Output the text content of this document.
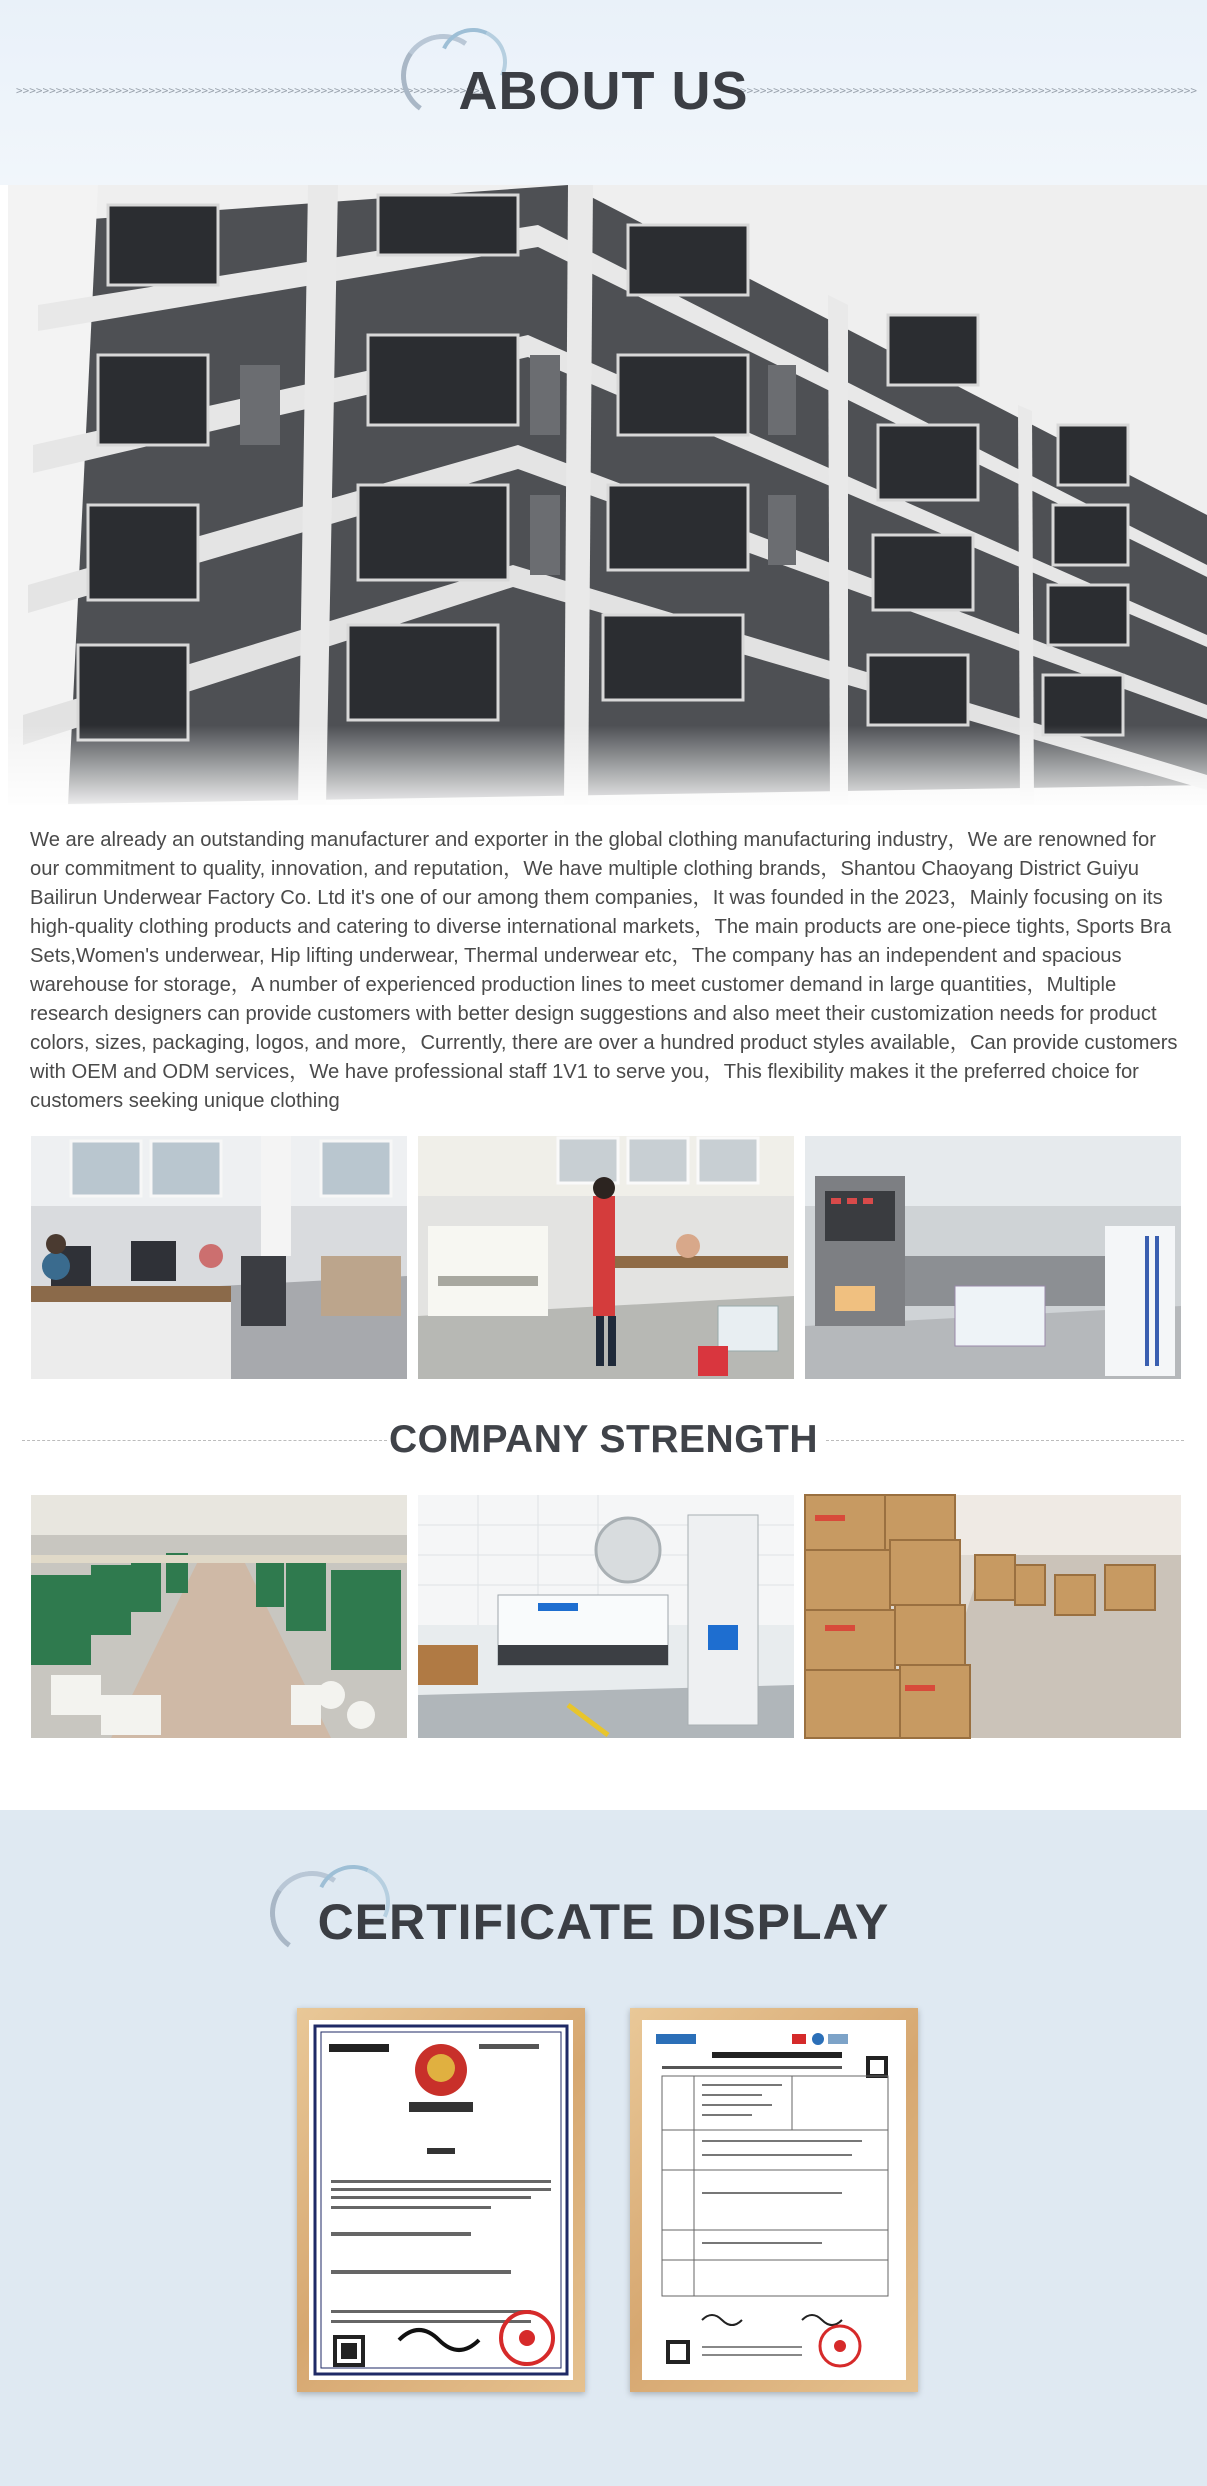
>>>>>>>>>>>>>>>>>>>>>>>>>>>>>>>>>>>>>>>>>>>>>>>>>>>>>>>>>>>>>>>>>>>>>>>	<<<<<<<<<<<<<<<<<<<<<<<<<<<<<<<<<<<<<<<<<<<<<<<<<<<<<<<<<<<<<<<<<<<<<<
ABOUT US
We are already an outstanding manufacturer and exporter in the global clothing manufacturing industry，We are renowned for our commitment to quality, innovation, and reputation，We have multiple clothing brands，Shantou Chaoyang District Guiyu Bailirun Underwear Factory Co. Ltd it's one of our among them companies，It was founded in the 2023，Mainly focusing on its high-quality clothing products and catering to diverse international markets，The main products are one-piece tights, Sports Bra Sets,Women's underwear, Hip lifting underwear, Thermal underwear etc，The company has an independent and spacious warehouse for storage，A number of experienced production lines to meet customer demand in large quantities，Multiple research designers can provide customers with better design suggestions and also meet their customization needs for product colors, sizes, packaging, logos, and more，Currently, there are over a hundred product styles available，Can provide customers with OEM and ODM services，We have professional staff 1V1 to serve you，This flexibility makes it the preferred choice for customers seeking unique clothing
COMPANY STRENGTH
CERTIFICATE DISPLAY
